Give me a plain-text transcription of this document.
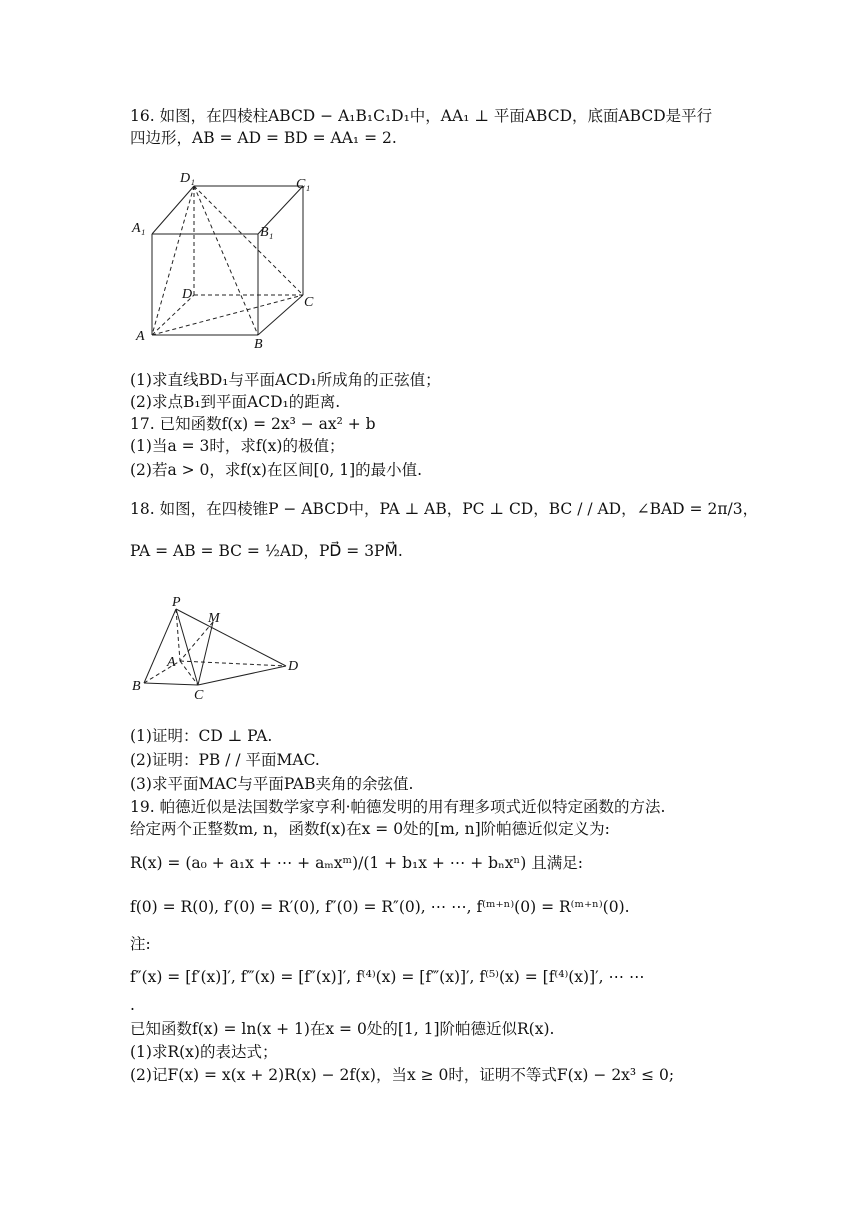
16. 如图，在四棱柱ABCD − A₁B₁C₁D₁中，AA₁ ⊥ 平面ABCD，底面ABCD是平行
四边形，AB = AD = BD = AA₁ = 2.
D₁	C₁
A₁	B₁
D
C
A
B
(1)求直线BD₁与平面ACD₁所成角的正弦值；
(2)求点B₁到平面ACD₁的距离.
17. 已知函数f(x) = 2x³ − ax² + b
(1)当a = 3时，求f(x)的极值；
(2)若a > 0，求f(x)在区间[0, 1]的最小值.
18. 如图，在四棱锥P − ABCD中，PA ⊥ AB，PC ⊥ CD，BC / / AD，∠BAD = 2π/3，
PA = AB = BC = ½AD，PD⃗ = 3PM⃗.
P
M
A	D
B
C
(1)证明：CD ⊥ PA.
(2)证明：PB / / 平面MAC.
(3)求平面MAC与平面PAB夹角的余弦值.
19. 帕德近似是法国数学家亨利·帕德发明的用有理多项式近似特定函数的方法.
给定两个正整数m, n，函数f(x)在x = 0处的[m, n]阶帕德近似定义为:
R(x) = (a₀ + a₁x + ⋯ + aₘxᵐ)/(1 + b₁x + ⋯ + bₙxⁿ) 且满足:
f(0) = R(0), f′(0) = R′(0), f″(0) = R″(0), ⋯ ⋯, f⁽ᵐ⁺ⁿ⁾(0) = R⁽ᵐ⁺ⁿ⁾(0).
注:
f″(x) = [f′(x)]′, f‴(x) = [f″(x)]′, f⁽⁴⁾(x) = [f‴(x)]′, f⁽⁵⁾(x) = [f⁽⁴⁾(x)]′, ⋯ ⋯
.
已知函数f(x) = ln(x + 1)在x = 0处的[1, 1]阶帕德近似R(x).
(1)求R(x)的表达式；
(2)记F(x) = x(x + 2)R(x) − 2f(x)，当x ≥ 0时，证明不等式F(x) − 2x³ ≤ 0;
